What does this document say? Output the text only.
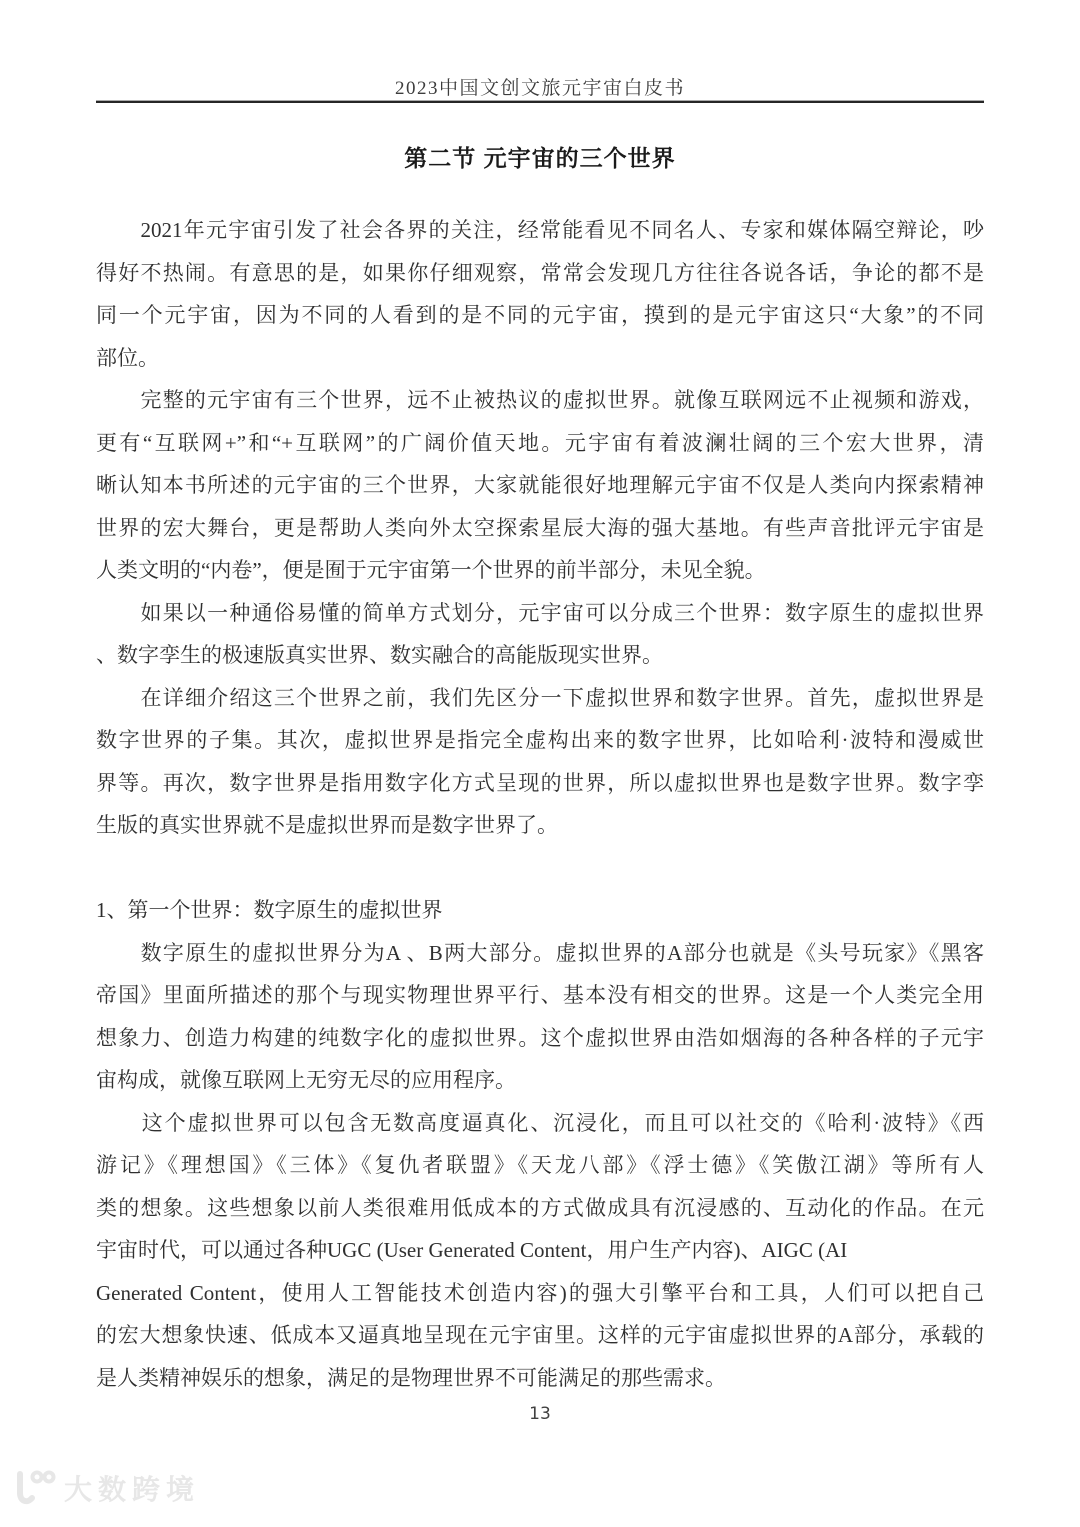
2023中国文创文旅元宇宙白皮书
第二节 元宇宙的三个世界
　　2021年元宇宙引发了社会各界的关注，经常能看见不同名人、专家和媒体隔空辩论，吵
得好不热闹。有意思的是，如果你仔细观察，常常会发现几方往往各说各话，争论的都不是
同一个元宇宙，因为不同的人看到的是不同的元宇宙，摸到的是元宇宙这只“大象”的不同
部位。
　　完整的元宇宙有三个世界，远不止被热议的虚拟世界。就像互联网远不止视频和游戏，
更有“互联网+”和“+互联网”的广阔价值天地。元宇宙有着波澜壮阔的三个宏大世界，清
晰认知本书所述的元宇宙的三个世界，大家就能很好地理解元宇宙不仅是人类向内探索精神
世界的宏大舞台，更是帮助人类向外太空探索星辰大海的强大基地。有些声音批评元宇宙是
人类文明的“内卷”，便是囿于元宇宙第一个世界的前半部分，未见全貌。
　　如果以一种通俗易懂的简单方式划分，元宇宙可以分成三个世界：数字原生的虚拟世界
、数字孪生的极速版真实世界、数实融合的高能版现实世界。
　　在详细介绍这三个世界之前，我们先区分一下虚拟世界和数字世界。首先，虚拟世界是
数字世界的子集。其次，虚拟世界是指完全虚构出来的数字世界，比如哈利·波特和漫威世
界等。再次，数字世界是指用数字化方式呈现的世界，所以虚拟世界也是数字世界。数字孪
生版的真实世界就不是虚拟世界而是数字世界了。
1、第一个世界：数字原生的虚拟世界
　　数字原生的虚拟世界分为A 、B两大部分。虚拟世界的A部分也就是《头号玩家》《黑客
帝国》里面所描述的那个与现实物理世界平行、基本没有相交的世界。这是一个人类完全用
想象力、创造力构建的纯数字化的虚拟世界。这个虚拟世界由浩如烟海的各种各样的子元宇
宙构成，就像互联网上无穷无尽的应用程序。
　　这个虚拟世界可以包含无数高度逼真化、沉浸化，而且可以社交的《哈利·波特》《西
游记》《理想国》《三体》《复仇者联盟》《天龙八部》《浮士德》《笑傲江湖》等所有人
类的想象。这些想象以前人类很难用低成本的方式做成具有沉浸感的、互动化的作品。在元
宇宙时代，可以通过各种UGC (User Generated Content，用户生产内容)、AIGC (AI
Generated Content，使用人工智能技术创造内容)的强大引擎平台和工具，人们可以把自己
的宏大想象快速、低成本又逼真地呈现在元宇宙里。这样的元宇宙虚拟世界的A部分，承载的
是人类精神娱乐的想象，满足的是物理世界不可能满足的那些需求。
13
大数跨境
